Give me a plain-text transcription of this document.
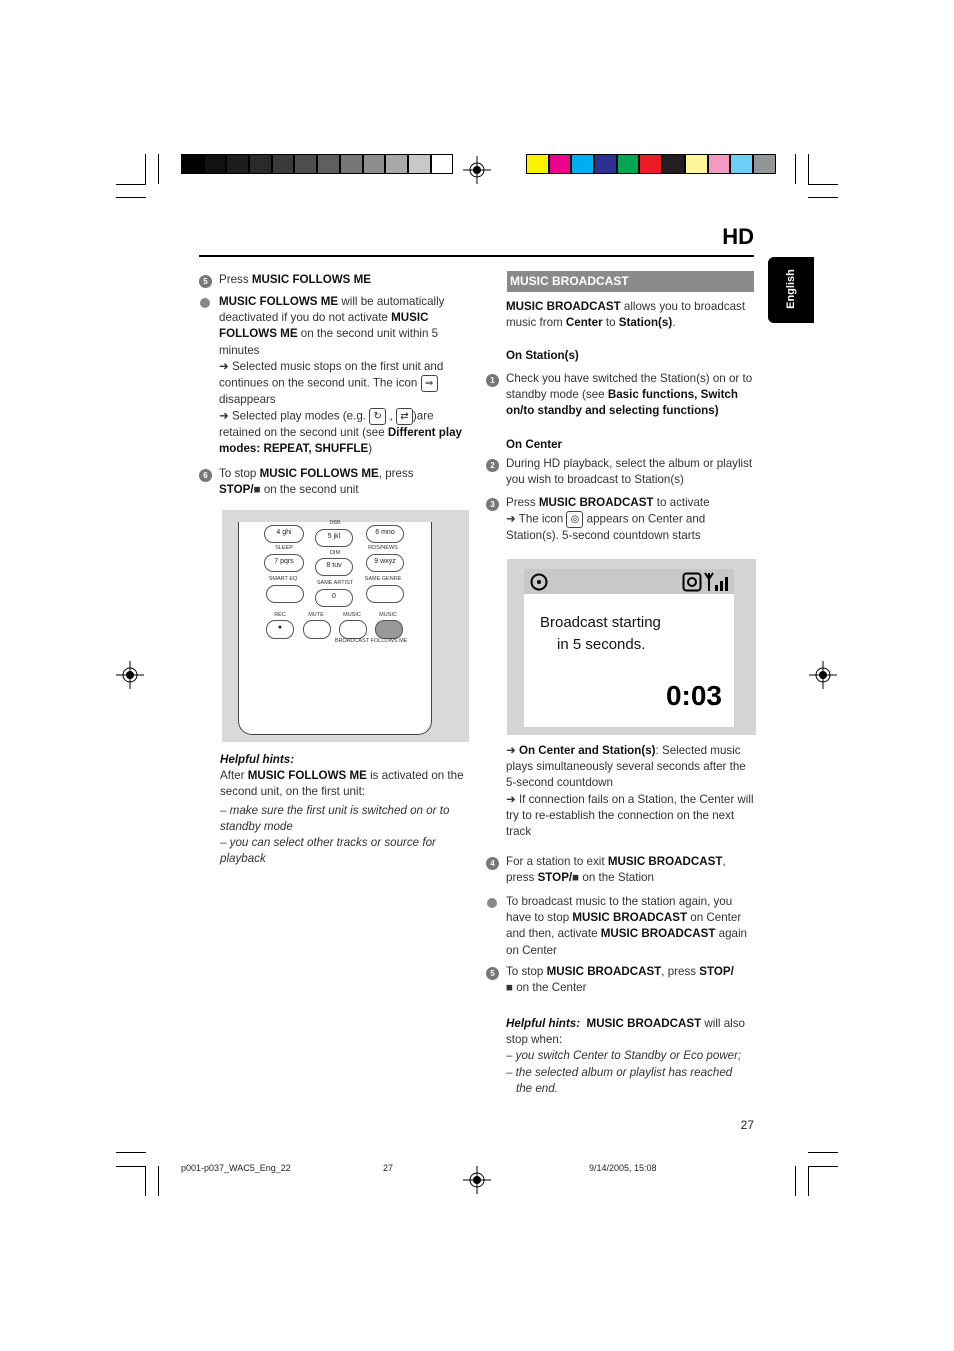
HD
English
5 Press MUSIC FOLLOWS ME
MUSIC FOLLOWS ME will be automatically deactivated if you do not activate MUSIC FOLLOWS ME on the second unit within 5 minutes
➜ Selected music stops on the first unit and continues on the second unit. The icon ⇒
disappears
➜ Selected play modes (e.g. ↻ , ⇄ )are retained on the second unit (see Different play modes: REPEAT, SHUFFLE)
6 To stop MUSIC FOLLOWS ME, press
STOP/■ on the second unit
4 ghi
5 jkl
6 mno
7 pqrs
8 tuv
9 wxyz
0
●
DBB
SLEEP
DIM
RDS/NEWS
SMART EQ
SAME ARTIST
SAME GENRE
REC	MUTE	MUSIC	MUSIC
BROADCAST FOLLOWS ME
Helpful hints:
After MUSIC FOLLOWS ME is activated on the second unit, on the first unit:
– make sure the first unit is switched on or to standby mode
– you can select other tracks or source for playback
MUSIC BROADCAST
MUSIC BROADCAST allows you to broadcast music from Center to Station(s).
On Station(s)
1 Check you have switched the Station(s) on or to standby mode (see Basic functions, Switch on/to standby and selecting functions)
On Center
2 During HD playback, select the album or playlist you wish to broadcast to Station(s)
3 Press MUSIC BROADCAST to activate
➜ The icon ◎ appears on Center and Station(s). 5-second countdown starts
Broadcast starting
in 5 seconds.
0:03
➜ On Center and Station(s): Selected music plays simultaneously several seconds after the 5-second countdown
➜ If connection fails on a Station, the Center will try to re-establish the connection on the next track
4 For a station to exit MUSIC BROADCAST, press STOP/■ on the Station
To broadcast music to the station again, you have to stop MUSIC BROADCAST on Center and then, activate MUSIC BROADCAST again on Center
5 To stop MUSIC BROADCAST, press STOP/
■ on the Center
Helpful hints: MUSIC BROADCAST will also stop when:
– you switch Center to Standby or Eco power;
– the selected album or playlist has reached
the end.
27
p001-p037_WAC5_Eng_22	27	9/14/2005, 15:08
